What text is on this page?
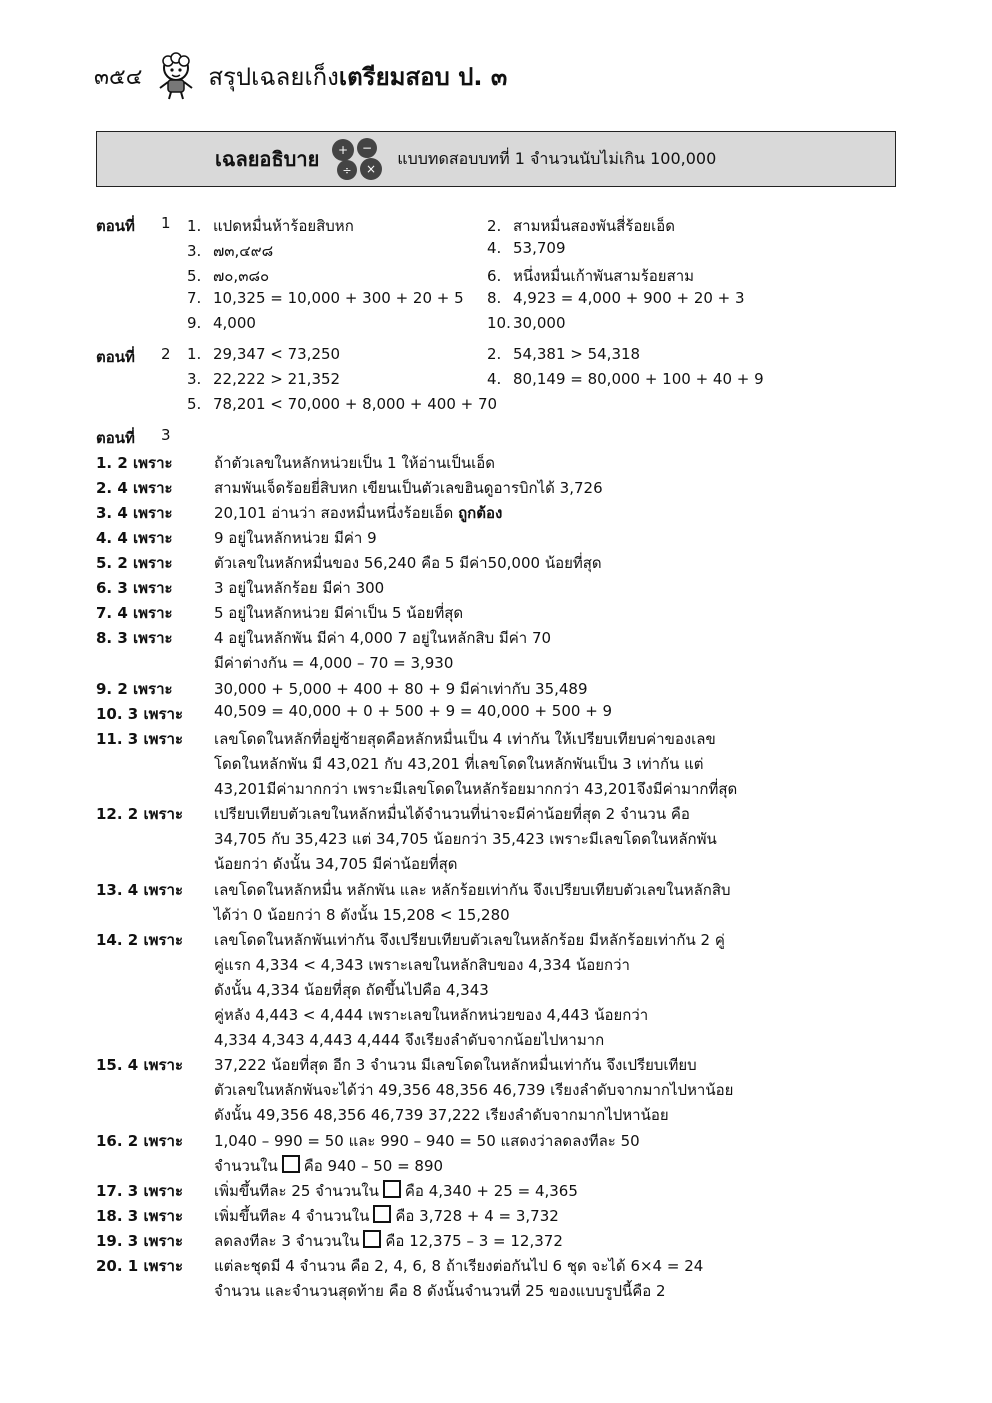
๓๕๔	สรุปเฉลยเก็งเตรียมสอบ ป. ๓
เฉลยอธิบาย + −
÷ ×
แบบทดสอบบทที่ 1 จำนวนนับไม่เกิน 100,000
ตอนที่ 1 1. แปดหมื่นห้าร้อยสิบหก	2. สามหมื่นสองพันสี่ร้อยเอ็ด
3. ๗๓,๔๙๘	4. 53,709
5. ๗๐,๓๘๐	6. หนึ่งหมื่นเก้าพันสามร้อยสาม
7. 10,325 = 10,000 + 300 + 20 + 5 8. 4,923 = 4,000 + 900 + 20 + 3
9. 4,000	10. 30,000
ตอนที่ 2 1. 29,347 < 73,250	2. 54,381 > 54,318
3. 22,222 > 21,352	4. 80,149 = 80,000 + 100 + 40 + 9
5. 78,201 < 70,000 + 8,000 + 400 + 70
ตอนที่ 3
1. 2 เพราะ	ถ้าตัวเลขในหลักหน่วยเป็น 1 ให้อ่านเป็นเอ็ด
2. 4 เพราะ	สามพันเจ็ดร้อยยี่สิบหก เขียนเป็นตัวเลขฮินดูอารบิกได้ 3,726
3. 4 เพราะ	20,101 อ่านว่า สองหมื่นหนึ่งร้อยเอ็ด ถูกต้อง
4. 4 เพราะ	9 อยู่ในหลักหน่วย มีค่า 9
5. 2 เพราะ	ตัวเลขในหลักหมื่นของ 56,240 คือ 5 มีค่า50,000 น้อยที่สุด
6. 3 เพราะ	3 อยู่ในหลักร้อย มีค่า 300
7. 4 เพราะ	5 อยู่ในหลักหน่วย มีค่าเป็น 5 น้อยที่สุด
8. 3 เพราะ	4 อยู่ในหลักพัน มีค่า 4,000 7 อยู่ในหลักสิบ มีค่า 70
มีค่าต่างกัน = 4,000 – 70 = 3,930
9. 2 เพราะ	30,000 + 5,000 + 400 + 80 + 9 มีค่าเท่ากับ 35,489
10. 3 เพราะ	40,509 = 40,000 + 0 + 500 + 9 = 40,000 + 500 + 9
11. 3 เพราะ	เลขโดดในหลักที่อยู่ซ้ายสุดคือหลักหมื่นเป็น 4 เท่ากัน ให้เปรียบเทียบค่าของเลข
โดดในหลักพัน มี 43,021 กับ 43,201 ที่เลขโดดในหลักพันเป็น 3 เท่ากัน แต่
43,201มีค่ามากกว่า เพราะมีเลขโดดในหลักร้อยมากกว่า 43,201จึงมีค่ามากที่สุด
12. 2 เพราะ	เปรียบเทียบตัวเลขในหลักหมื่นได้จำนวนที่น่าจะมีค่าน้อยที่สุด 2 จำนวน คือ
34,705 กับ 35,423 แต่ 34,705 น้อยกว่า 35,423 เพราะมีเลขโดดในหลักพัน
น้อยกว่า ดังนั้น 34,705 มีค่าน้อยที่สุด
13. 4 เพราะ	เลขโดดในหลักหมื่น หลักพัน และ หลักร้อยเท่ากัน จึงเปรียบเทียบตัวเลขในหลักสิบ
ได้ว่า 0 น้อยกว่า 8 ดังนั้น 15,208 < 15,280
14. 2 เพราะ	เลขโดดในหลักพันเท่ากัน จึงเปรียบเทียบตัวเลขในหลักร้อย มีหลักร้อยเท่ากัน 2 คู่
คู่แรก 4,334 < 4,343 เพราะเลขในหลักสิบของ 4,334 น้อยกว่า
ดังนั้น 4,334 น้อยที่สุด ถัดขึ้นไปคือ 4,343
คู่หลัง 4,443 < 4,444 เพราะเลขในหลักหน่วยของ 4,443 น้อยกว่า
4,334 4,343 4,443 4,444 จึงเรียงลำดับจากน้อยไปหามาก
15. 4 เพราะ	37,222 น้อยที่สุด อีก 3 จำนวน มีเลขโดดในหลักหมื่นเท่ากัน จึงเปรียบเทียบ
ตัวเลขในหลักพันจะได้ว่า 49,356 48,356 46,739 เรียงลำดับจากมากไปหาน้อย
ดังนั้น 49,356 48,356 46,739 37,222 เรียงลำดับจากมากไปหาน้อย
16. 2 เพราะ	1,040 – 990 = 50 และ 990 – 940 = 50 แสดงว่าลดลงทีละ 50
จำนวนใน คือ 940 – 50 = 890
17. 3 เพราะ	เพิ่มขึ้นทีละ 25 จำนวนใน คือ 4,340 + 25 = 4,365
18. 3 เพราะ	เพิ่มขึ้นทีละ 4 จำนวนใน คือ 3,728 + 4 = 3,732
19. 3 เพราะ	ลดลงทีละ 3 จำนวนใน คือ 12,375 – 3 = 12,372
20. 1 เพราะ	แต่ละชุดมี 4 จำนวน คือ 2, 4, 6, 8 ถ้าเรียงต่อกันไป 6 ชุด จะได้ 6×4 = 24
จำนวน และจำนวนสุดท้าย คือ 8 ดังนั้นจำนวนที่ 25 ของแบบรูปนี้คือ 2
